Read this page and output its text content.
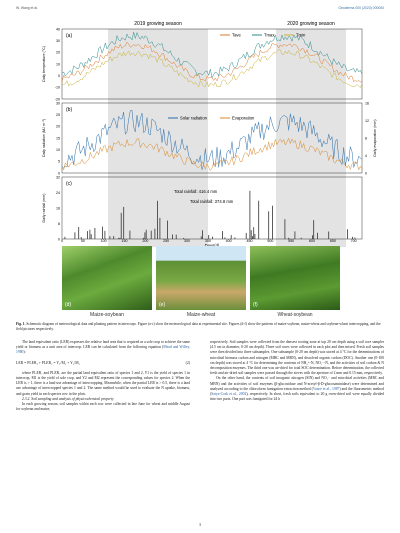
W. Wang et al.	Geoderma 000 (2023) 000000
2019 growing season	2020 growing season
(a)
(b)
(c)
Daily temperature (°C)
Daily radiation (MJ m⁻²)	Daily evaporation (mm)
Daily rainfall (mm)
40
30
20
10
0
-10
-20
30
25
20
15
10
5
0
16
12
8
4
0
32
24
16
8
0
Tave	Tmax	Tmin
Solar radiation	Evaporation
Total rainfall: 416.4 mm
Total rainfall: 374.8 mm
0	50	100	150	200	250	300	350	400	450	500	550	600	650	700
(d)
Maize-soybean
(e)
Maize-wheat
(f)
Wheat-soybean
Fig. 1. Schematic diagram of meteorological data and planting pattern in intercrops. Figure (a-c) show the meteorological data at experimental site. Figures (d-f) show the patterns of maize-soybean, maize-wheat and soybean-wheat intercropping, and the field pictures respectively.

The land equivalent ratio (LER) expresses the relative land area that is required as a sole crop to achieve the same yield or biomass as a unit area of intercrop. LER can be calculated from the following equation (Mead and Willey, 1980):

LER = PLER₁ + PLER₂ = Y₁/M₁ + Y₂/M₂	(2)

where PLER₁ and PLER₂ are the partial land equivalent ratio of species 1 and 2, Y1 is the yield of species 1 in intercrop, M1 is the yield of sole crop, and Y2 and M2 represent the corresponding values for species 2. When the LER is > 1, there is a land use advantage of intercropping. Meanwhile, when the partial LER is > 0.5, there is a land use advantage of intercropped species 1 and 2. The same method would be used to evaluate the N uptake, biomass, and grain yield in each species row in the plots.

2.3.2. Soil sampling and analysis of physicochemical property

In each growing season, soil samples within each row were collected in late June for wheat and middle August for soybean and maize,

respectively. Soil samples were collected from the densest rooting zone at top 20 cm depth using a soil core sampler (4.5 cm in diameter, 0-20 cm depth). Three soil cores were collected in each plot and then mixed. Fresh soil samples were then divided into three subsamples. One subsample (0-20 cm depth) was stored at 4 °C for the determinations of microbial biomass carbon and nitrogen (MBC and MBN), and dissolved organic carbon (DOC). Another one (0-100 cm depth) was stored at 4 °C for determining the contents of NH₄⁺-N, NO₃⁻-N, and the activities of soil carbon & N decomposition enzymes. The third one was air-dried for total SOC determination. Before determination, the collected fresh and air-dried soil samples were passed through the sieves with the aperture of 2 mm and 0.15 mm, respectively.

On the other hand, the contents of soil inorganic nitrogen (SIN) and NO₃⁻ and microbial activities (MBC and MBN) and the activities of soil enzymes (β-glucosidase and N-acetyl-β-D-glucosaminidase) were determined and analyzed according to the chloroform fumigation extraction method (Vance et al., 1987) and the fluorometric method (Saiya-Cork et al., 2002), respectively. In short, fresh soils equivalent to 20 g oven-dried soil were equally divided into two parts. One part was fumigated for 24 h

3
